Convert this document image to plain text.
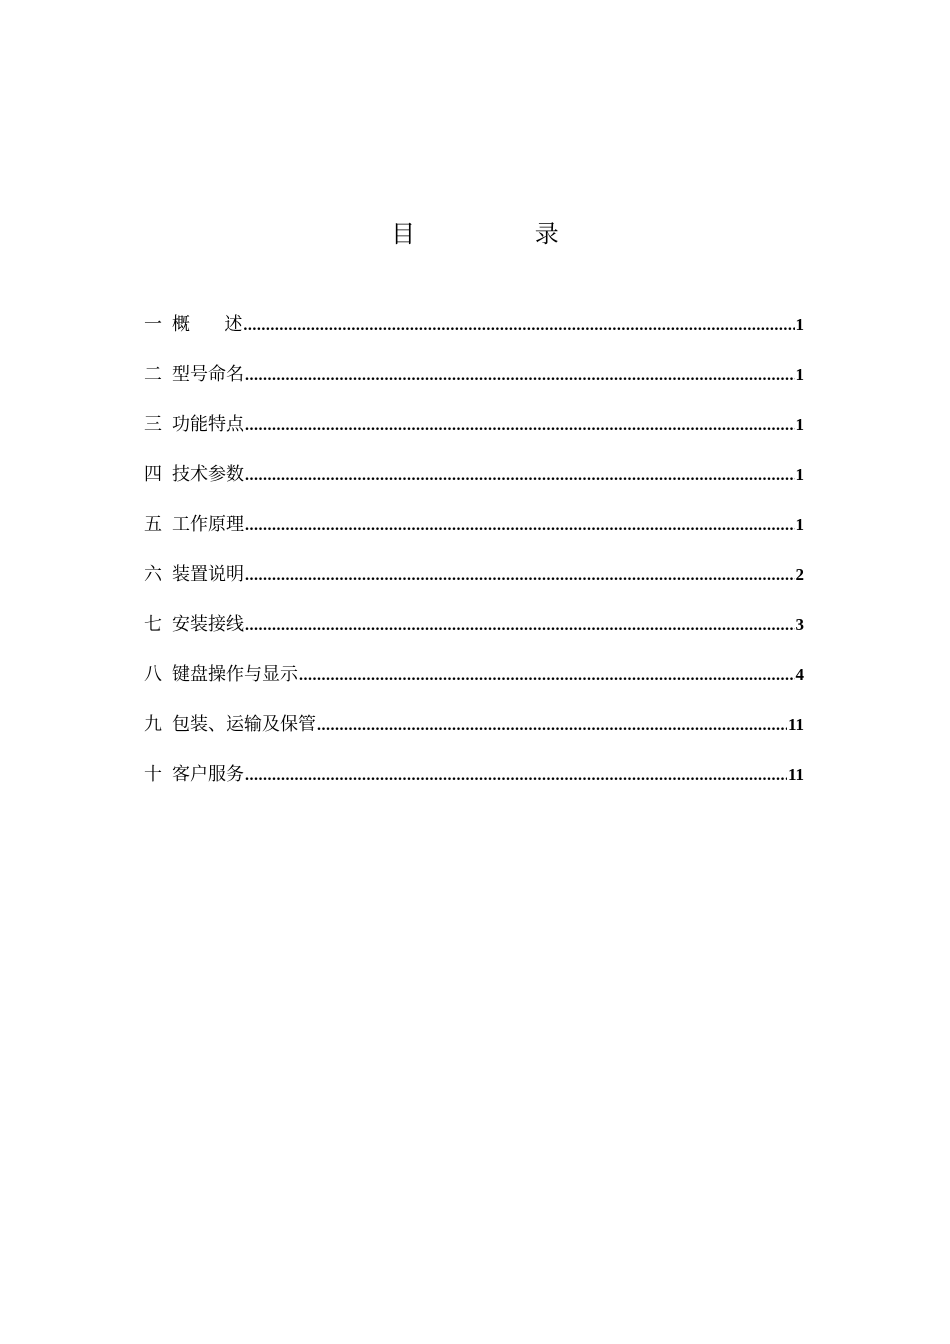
目 录
一 概      述 .....	1
二 型号命名 .....	1
三 功能特点 .....	1
四 技术参数 .....	1
五 工作原理 .....	1
六 装置说明 .....	2
七 安装接线 .....	3
八 键盘操作与显示 .....	4
九 包装、运输及保管 .....	11
十 客户服务 .....	11
